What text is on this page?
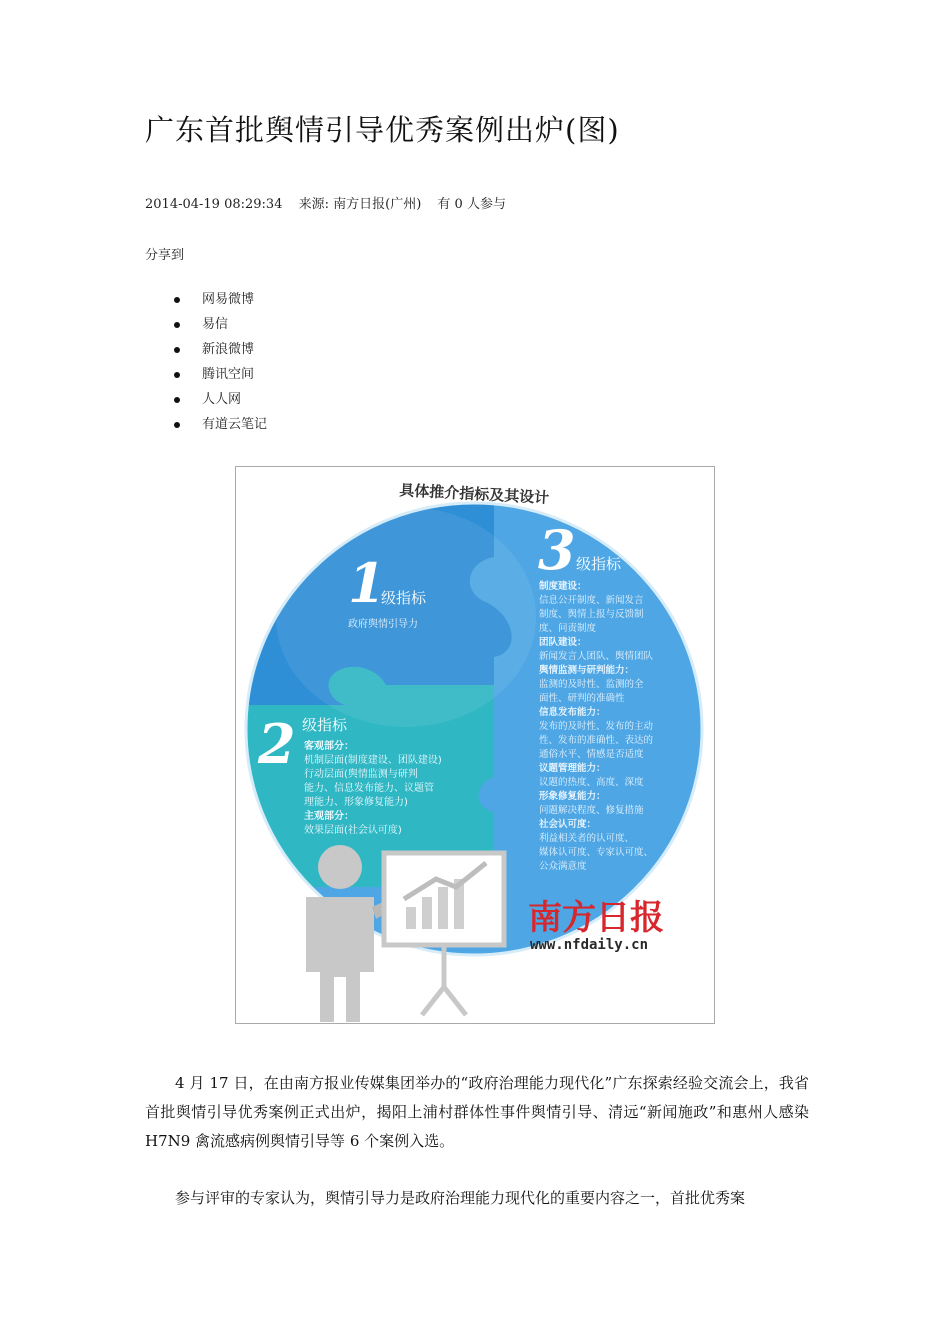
广东首批舆情引导优秀案例出炉(图)
2014-04-19 08:29:34 来源: 南方日报(广州) 有 0 人参与
分享到
网易微博
易信
新浪微博
腾讯空间
人人网
有道云笔记
具体推介指标及其设计
1
级指标
政府舆情引导力
2 级指标
客观部分：
机制层面(制度建设、团队建设)
行动层面(舆情监测与研判
能力、信息发布能力、议题管
理能力、形象修复能力)
主观部分：
效果层面(社会认可度)
3 级指标
制度建设：
信息公开制度、新闻发言
制度、舆情上报与反馈制
度、问责制度
团队建设：
新闻发言人团队、舆情团队
舆情监测与研判能力：
监测的及时性、监测的全
面性、研判的准确性
信息发布能力：
发布的及时性、发布的主动
性、发布的准确性、表达的
通俗水平、情感是否适度
议题管理能力：
议题的热度、高度、深度
形象修复能力：
问题解决程度、修复措施
社会认可度：
利益相关者的认可度、
媒体认可度、专家认可度、
公众满意度
南方日报
www.nfdaily.cn

4 月 17 日，在由南方报业传媒集团举办的“政府治理能力现代化”广东探索经验交流会上，我省首批舆情引导优秀案例正式出炉，揭阳上浦村群体性事件舆情引导、清远“新闻施政”和惠州人感染 H7N9 禽流感病例舆情引导等 6 个案例入选。

参与评审的专家认为，舆情引导力是政府治理能力现代化的重要内容之一，首批优秀案
